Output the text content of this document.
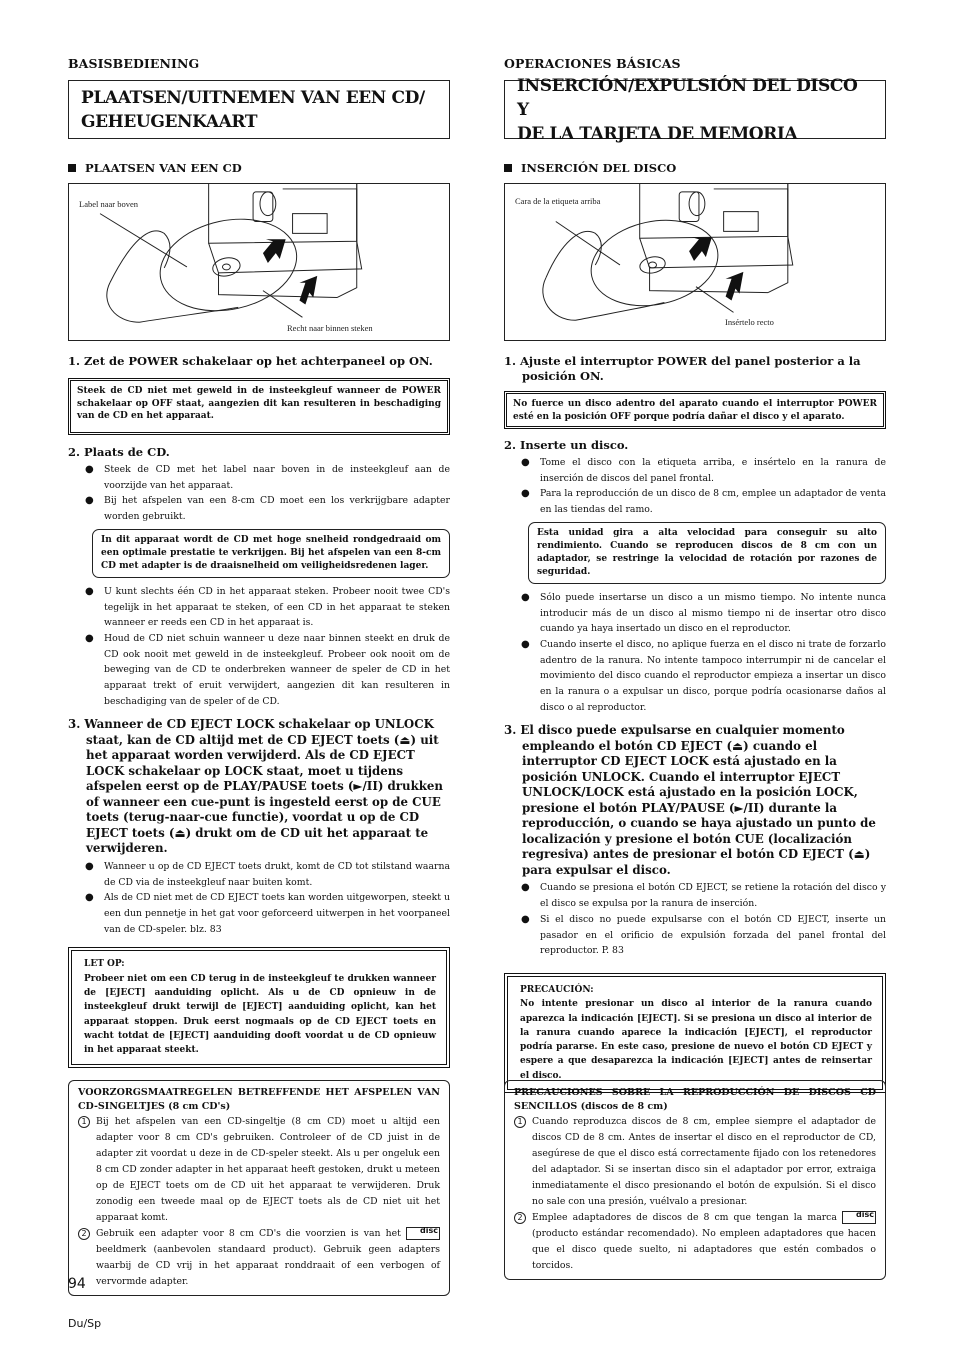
BASISBEDIENING
PLAATSEN/UITNEMEN VAN EEN CD/
GEHEUGENKAART
PLAATSEN VAN EEN CD
Label naar boven
Recht naar binnen steken
1. Zet de POWER schakelaar op het achterpaneel op ON.
Steek de CD niet met geweld in de insteekgleuf wanneer de POWER schakelaar op OFF staat, aangezien dit kan resulteren in beschadiging van de CD en het apparaat.
2. Plaats de CD.
● Steek de CD met het label naar boven in de insteekgleuf aan de voorzijde van het apparaat.
● Bij het afspelen van een 8-cm CD moet een los verkrijgbare adapter worden gebruikt.
In dit apparaat wordt de CD met hoge snelheid rondgedraaid om een optimale prestatie te verkrijgen. Bij het afspelen van een 8-cm CD met adapter is de draaisnelheid om veiligheidsredenen lager.
● U kunt slechts één CD in het apparaat steken. Probeer nooit twee CD's tegelijk in het apparaat te steken, of een CD in het apparaat te steken wanneer er reeds een CD in het apparaat is.
● Houd de CD niet schuin wanneer u deze naar binnen steekt en druk de CD ook nooit met geweld in de insteekgleuf. Probeer ook nooit om de beweging van de CD te onderbreken wanneer de speler de CD in het apparaat trekt of eruit verwijdert, aangezien dit kan resulteren in beschadiging van de speler of de CD.
3. Wanneer de CD EJECT LOCK schakelaar op UNLOCK staat, kan de CD altijd met de CD EJECT toets (⏏) uit het apparaat worden verwijderd. Als de CD EJECT LOCK schakelaar op LOCK staat, moet u tijdens afspelen eerst op de PLAY/PAUSE toets (►/II) drukken of wanneer een cue-punt is ingesteld eerst op de CUE toets (terug-naar-cue functie), voordat u op de CD EJECT toets (⏏) drukt om de CD uit het apparaat te verwijderen.
● Wanneer u op de CD EJECT toets drukt, komt de CD tot stilstand waarna de CD via de insteekgleuf naar buiten komt.
● Als de CD niet met de CD EJECT toets kan worden uitgeworpen, steekt u een dun pennetje in het gat voor geforceerd uitwerpen in het voorpaneel van de CD-speler. blz. 83
LET OP:
Probeer niet om een CD terug in de insteekgleuf te drukken wanneer de [EJECT] aanduiding oplicht. Als u de CD opnieuw in de insteekgleuf drukt terwijl de [EJECT] aanduiding oplicht, kan het apparaat stoppen. Druk eerst nogmaals op de CD EJECT toets en wacht totdat de [EJECT] aanduiding dooft voordat u de CD opnieuw in het apparaat steekt.
VOORZORGSMAATREGELEN BETREFFENDE HET AFSPELEN VAN CD-SINGELTJES (8 cm CD's)
1	Bij het afspelen van een CD-singeltje (8 cm CD) moet u altijd een adapter voor 8 cm CD's gebruiken. Controleer of de CD juist in de adapter zit voordat u deze in de CD-speler steekt. Als u per ongeluk een 8 cm CD zonder adapter in het apparaat heeft gestoken, drukt u meteen op de EJECT toets om de CD uit het apparaat te verwijderen. Druk zonodig een tweede maal op de EJECT toets als de CD niet uit het apparaat komt.
2	Gebruik een adapter voor 8 cm CD's die voorzien is van het disc beeldmerk (aanbevolen standaard product). Gebruik geen adapters waarbij de CD vrij in het apparaat ronddraait of een verbogen of vervormde adapter.
OPERACIONES BÁSICAS
INSERCIÓN/EXPULSIÓN DEL DISCO Y
DE LA TARJETA DE MEMORIA
INSERCIÓN DEL DISCO
Cara de la etiqueta arriba
Insértelo recto
1. Ajuste el interruptor POWER del panel posterior a la posición ON.
No fuerce un disco adentro del aparato cuando el interruptor POWER esté en la posición OFF porque podría dañar el disco y el aparato.
2. Inserte un disco.
● Tome el disco con la etiqueta arriba, e insértelo en la ranura de inserción de discos del panel frontal.
● Para la reproducción de un disco de 8 cm, emplee un adaptador de venta en las tiendas del ramo.
Esta unidad gira a alta velocidad para conseguir su alto rendimiento. Cuando se reproducen discos de 8 cm con un adaptador, se restringe la velocidad de rotación por razones de seguridad.
● Sólo puede insertarse un disco a un mismo tiempo. No intente nunca introducir más de un disco al mismo tiempo ni de insertar otro disco cuando ya haya insertado un disco en el reproductor.
● Cuando inserte el disco, no aplique fuerza en el disco ni trate de forzarlo adentro de la ranura. No intente tampoco interrumpir ni de cancelar el movimiento del disco cuando el reproductor empieza a insertar un disco en la ranura o a expulsar un disco, porque podría ocasionarse daños al disco o al reproductor.
3. El disco puede expulsarse en cualquier momento empleando el botón CD EJECT (⏏) cuando el interruptor CD EJECT LOCK está ajustado en la posición UNLOCK. Cuando el interruptor EJECT UNLOCK/LOCK está ajustado en la posición LOCK, presione el botón PLAY/PAUSE (►/II) durante la reproducción, o cuando se haya ajustado un punto de localización y presione el botón CUE (localización regresiva) antes de presionar el botón CD EJECT (⏏) para expulsar el disco.
● Cuando se presiona el botón CD EJECT, se retiene la rotación del disco y el disco se expulsa por la ranura de inserción.
● Si el disco no puede expulsarse con el botón CD EJECT, inserte un pasador en el orificio de expulsión forzada del panel frontal del reproductor. P. 83
PRECAUCIÓN:
No intente presionar un disco al interior de la ranura cuando aparezca la indicación [EJECT]. Si se presiona un disco al interior de la ranura cuando aparece la indicación [EJECT], el reproductor podría pararse. En este caso, presione de nuevo el botón CD EJECT y espere a que desaparezca la indicación [EJECT] antes de reinsertar el disco.
PRECAUCIONES SOBRE LA REPRODUCCIÓN DE DISCOS CD SENCILLOS (discos de 8 cm)
1	Cuando reproduzca discos de 8 cm, emplee siempre el adaptador de discos CD de 8 cm. Antes de insertar el disco en el reproductor de CD, asegúrese de que el disco está correctamente fijado con los retenedores del adaptador. Si se insertan disco sin el adaptador por error, extraiga inmediatamente el disco presionando el botón de expulsión. Si el disco no sale con una presión, vuélvalo a presionar.
2	Emplee adaptadores de discos de 8 cm que tengan la marca disc (producto estándar recomendado). No empleen adaptadores que hacen que el disco quede suelto, ni adaptadores que estén combados o torcidos.
94
Du/Sp
